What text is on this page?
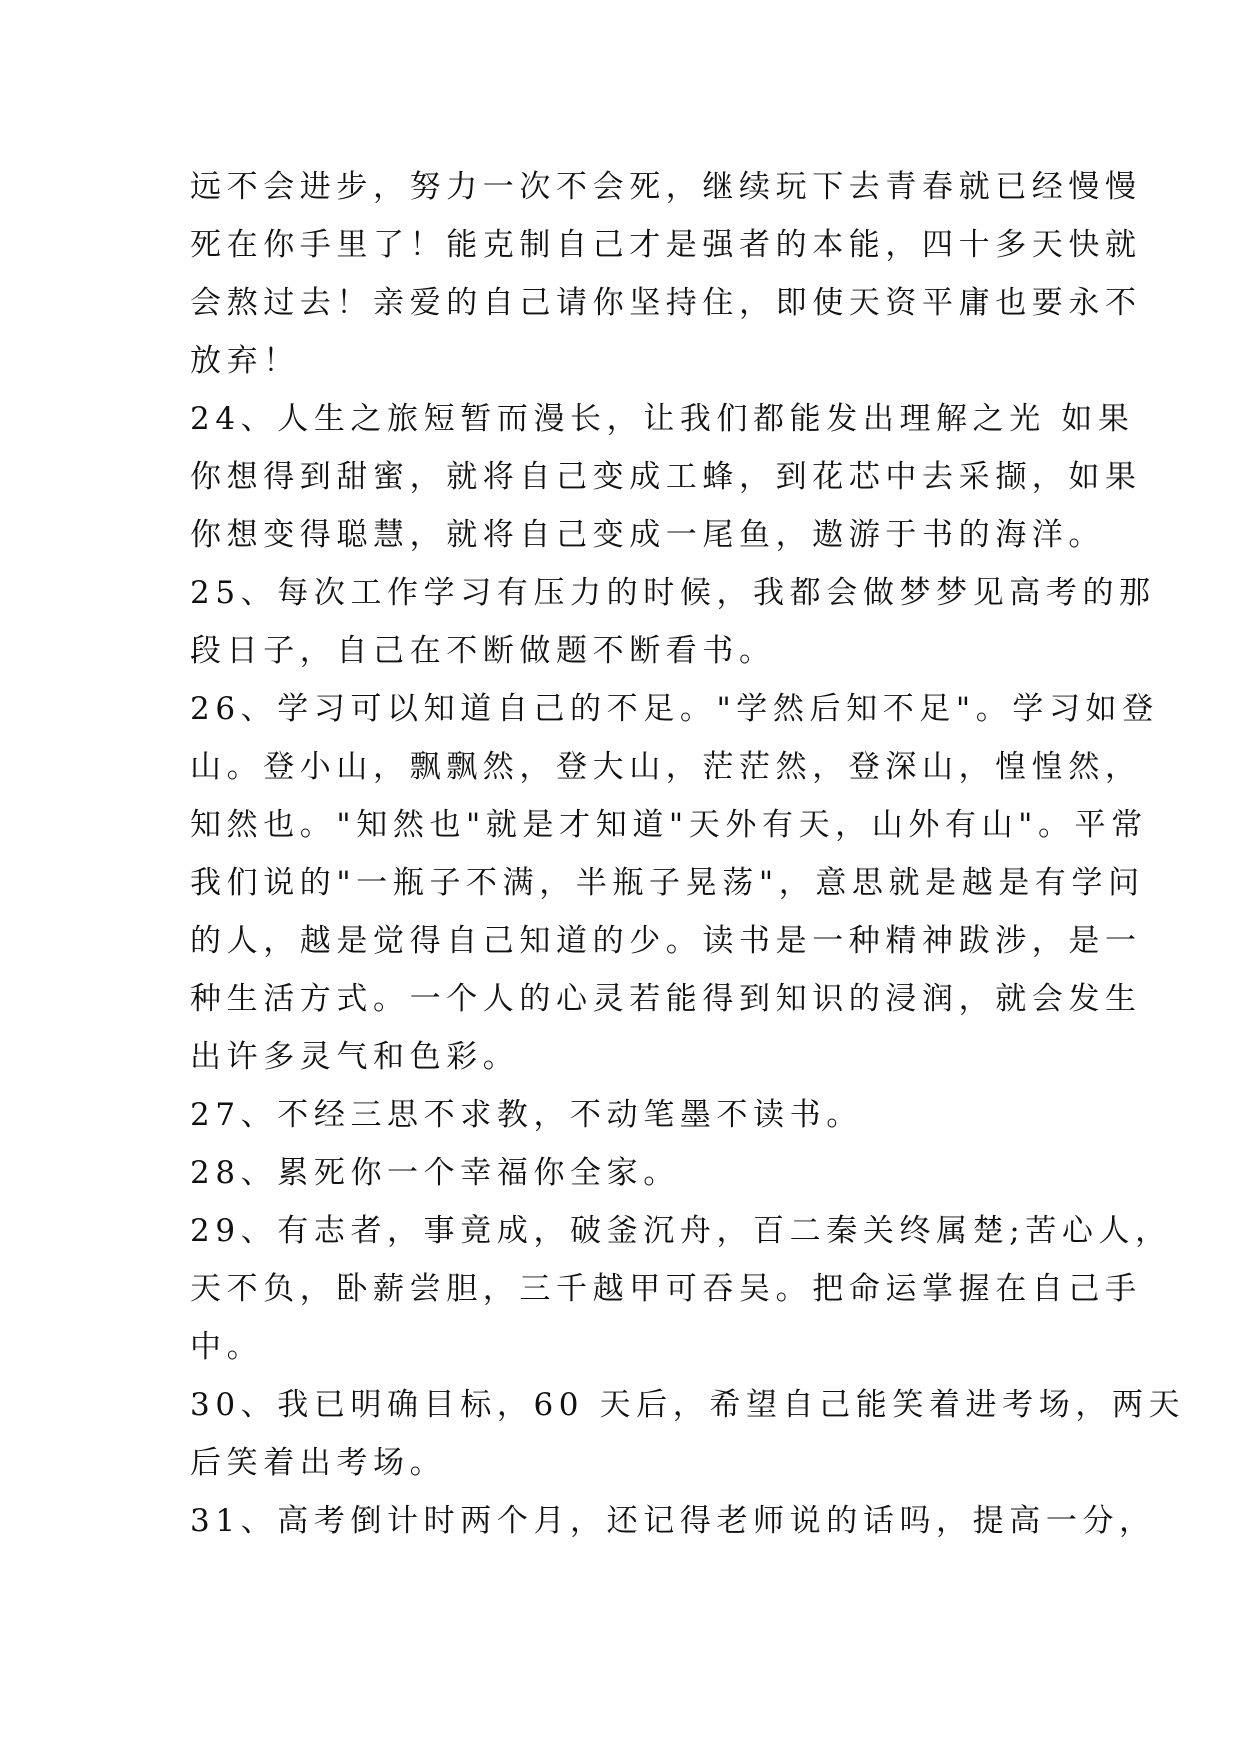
远不会进步，努力一次不会死，继续玩下去青春就已经慢慢
死在你手里了！能克制自己才是强者的本能，四十多天快就
会熬过去！亲爱的自己请你坚持住，即使天资平庸也要永不
放弃！
24、人生之旅短暂而漫长，让我们都能发出理解之光 如果
你想得到甜蜜，就将自己变成工蜂，到花芯中去采撷，如果
你想变得聪慧，就将自己变成一尾鱼，遨游于书的海洋。
25、每次工作学习有压力的时候，我都会做梦梦见高考的那
段日子，自己在不断做题不断看书。
26、学习可以知道自己的不足。"学然后知不足"。学习如登
山。登小山，飘飘然，登大山，茫茫然，登深山，惶惶然，
知然也。"知然也"就是才知道"天外有天，山外有山"。平常
我们说的"一瓶子不满，半瓶子晃荡"，意思就是越是有学问
的人，越是觉得自己知道的少。读书是一种精神跋涉，是一
种生活方式。一个人的心灵若能得到知识的浸润，就会发生
出许多灵气和色彩。
27、不经三思不求教，不动笔墨不读书。
28、累死你一个幸福你全家。
29、有志者，事竟成，破釜沉舟，百二秦关终属楚;苦心人，
天不负，卧薪尝胆，三千越甲可吞吴。把命运掌握在自己手
中。
30、我已明确目标，60 天后，希望自己能笑着进考场，两天
后笑着出考场。
31、高考倒计时两个月，还记得老师说的话吗，提高一分，
